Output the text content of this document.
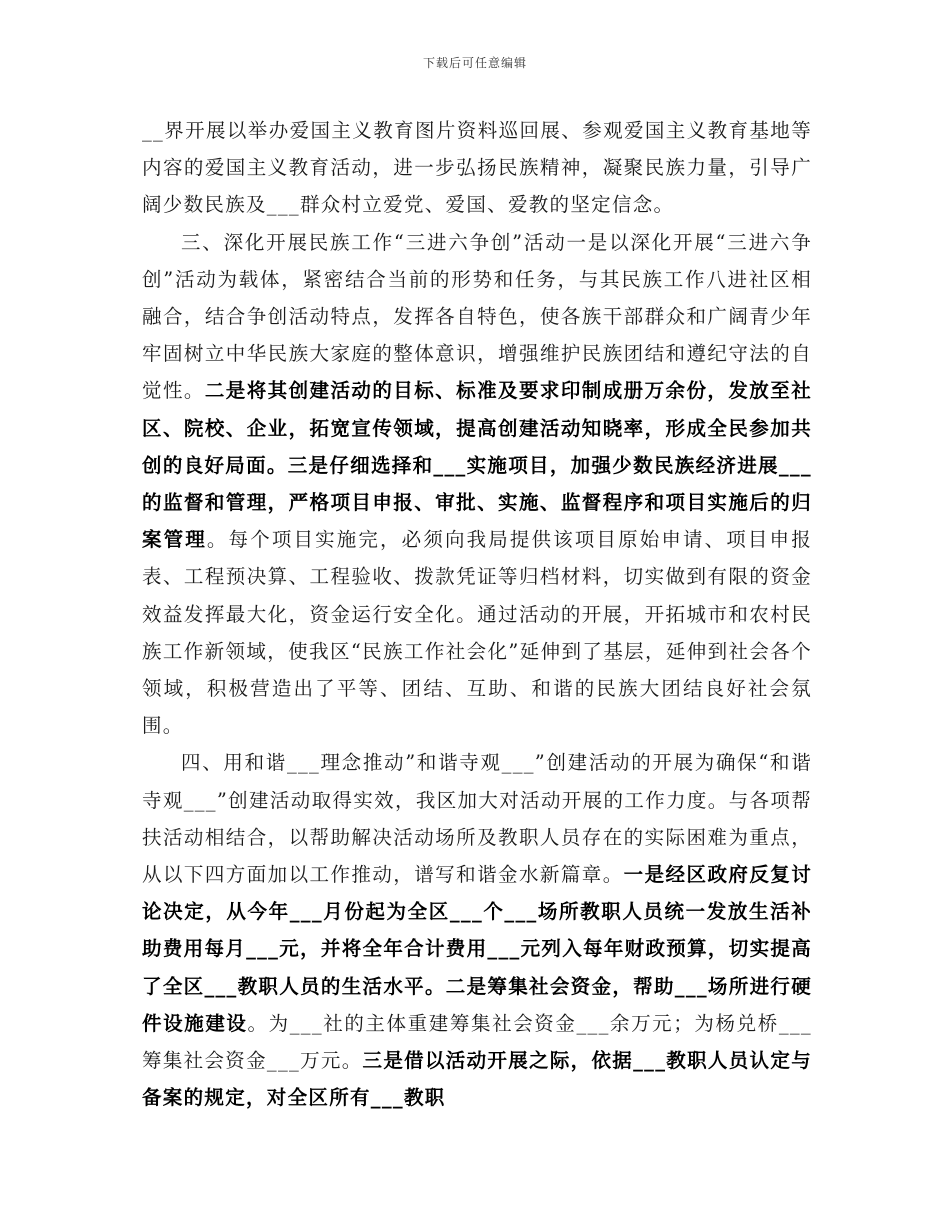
下载后可任意编辑

__界开展以举办爱国主义教育图片资料巡回展、参观爱国主义教育基地等内容的爱国主义教育活动，进一步弘扬民族精神，凝聚民族力量，引导广阔少数民族及___群众村立爱党、爱国、爱教的坚定信念。

三、深化开展民族工作“三进六争创”活动一是以深化开展“三进六争创”活动为载体，紧密结合当前的形势和任务，与其民族工作八进社区相融合，结合争创活动特点，发挥各自特色，使各族干部群众和广阔青少年牢固树立中华民族大家庭的整体意识，增强维护民族团结和遵纪守法的自觉性。二是将其创建活动的目标、标准及要求印制成册万余份，发放至社区、院校、企业，拓宽宣传领域，提高创建活动知晓率，形成全民参加共创的良好局面。三是仔细选择和___实施项目，加强少数民族经济进展___的监督和管理，严格项目申报、审批、实施、监督程序和项目实施后的归案管理。每个项目实施完，必须向我局提供该项目原始申请、项目申报表、工程预决算、工程验收、拨款凭证等归档材料，切实做到有限的资金效益发挥最大化，资金运行安全化。通过活动的开展，开拓城市和农村民族工作新领域，使我区“民族工作社会化”延伸到了基层，延伸到社会各个领域，积极营造出了平等、团结、互助、和谐的民族大团结良好社会氛围。

四、用和谐___理念推动”和谐寺观___”创建活动的开展为确保“和谐寺观___”创建活动取得实效，我区加大对活动开展的工作力度。与各项帮扶活动相结合，以帮助解决活动场所及教职人员存在的实际困难为重点，从以下四方面加以工作推动，谱写和谐金水新篇章。一是经区政府反复讨论决定，从今年___月份起为全区___个___场所教职人员统一发放生活补助费用每月___元，并将全年合计费用___元列入每年财政预算，切实提高了全区___教职人员的生活水平。二是筹集社会资金，帮助___场所进行硬件设施建设。为___社的主体重建筹集社会资金___余万元；为杨兑桥___筹集社会资金___万元。三是借以活动开展之际，依据___教职人员认定与备案的规定，对全区所有___教职
